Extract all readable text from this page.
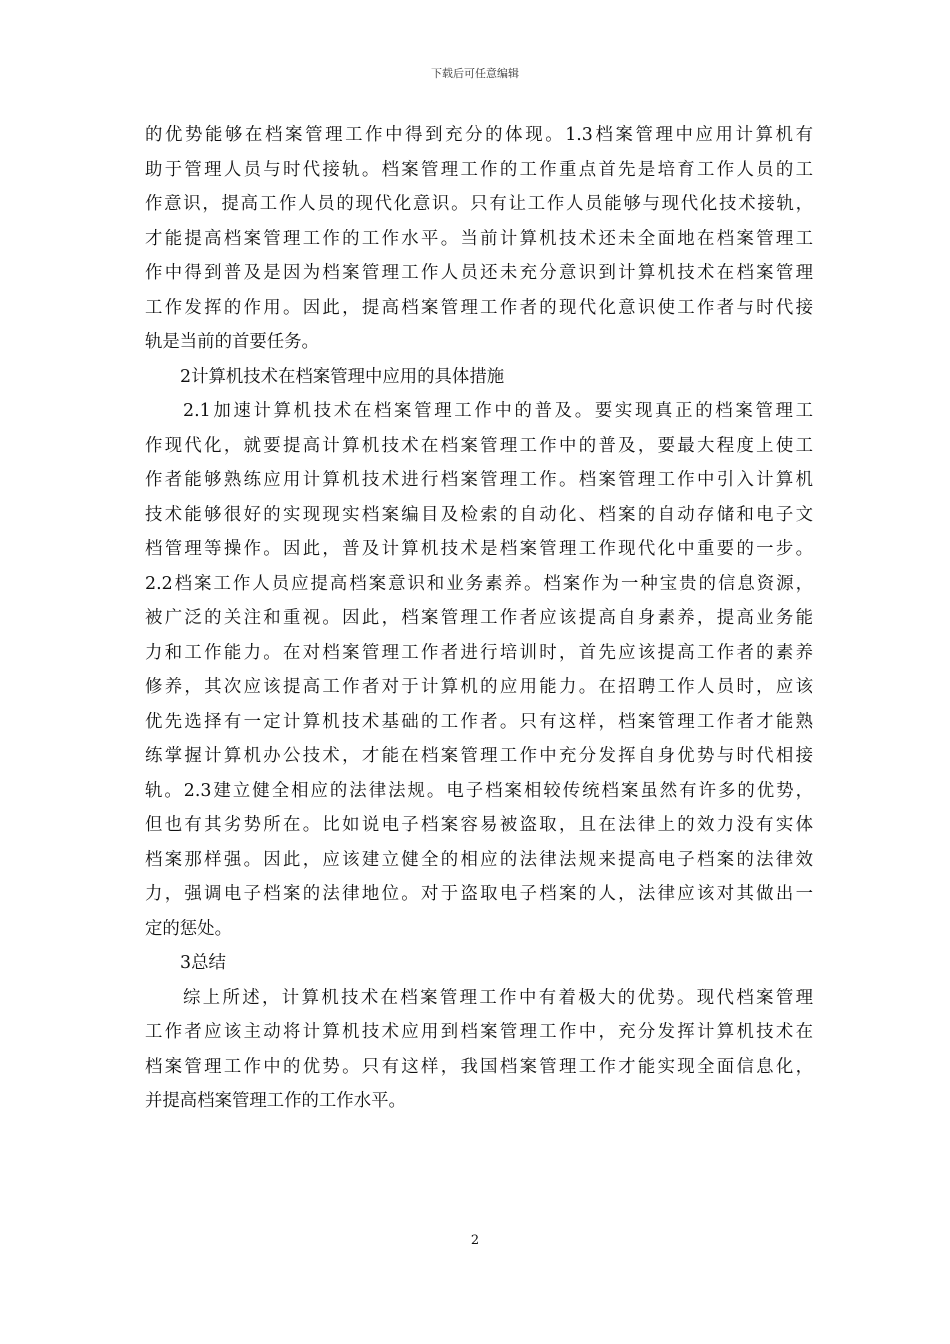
下载后可任意编辑
的优势能够在档案管理工作中得到充分的体现。1.3档案管理中应用计算机有
助于管理人员与时代接轨。档案管理工作的工作重点首先是培育工作人员的工
作意识，提高工作人员的现代化意识。只有让工作人员能够与现代化技术接轨，
才能提高档案管理工作的工作水平。当前计算机技术还未全面地在档案管理工
作中得到普及是因为档案管理工作人员还未充分意识到计算机技术在档案管理
工作发挥的作用。因此，提高档案管理工作者的现代化意识使工作者与时代接
轨是当前的首要任务。
2计算机技术在档案管理中应用的具体措施
2.1加速计算机技术在档案管理工作中的普及。要实现真正的档案管理工
作现代化，就要提高计算机技术在档案管理工作中的普及，要最大程度上使工
作者能够熟练应用计算机技术进行档案管理工作。档案管理工作中引入计算机
技术能够很好的实现现实档案编目及检索的自动化、档案的自动存储和电子文
档管理等操作。因此，普及计算机技术是档案管理工作现代化中重要的一步。
2.2档案工作人员应提高档案意识和业务素养。档案作为一种宝贵的信息资源，
被广泛的关注和重视。因此，档案管理工作者应该提高自身素养，提高业务能
力和工作能力。在对档案管理工作者进行培训时，首先应该提高工作者的素养
修养，其次应该提高工作者对于计算机的应用能力。在招聘工作人员时，应该
优先选择有一定计算机技术基础的工作者。只有这样，档案管理工作者才能熟
练掌握计算机办公技术，才能在档案管理工作中充分发挥自身优势与时代相接
轨。2.3建立健全相应的法律法规。电子档案相较传统档案虽然有许多的优势，
但也有其劣势所在。比如说电子档案容易被盗取，且在法律上的效力没有实体
档案那样强。因此，应该建立健全的相应的法律法规来提高电子档案的法律效
力，强调电子档案的法律地位。对于盗取电子档案的人，法律应该对其做出一
定的惩处。
3总结
综上所述，计算机技术在档案管理工作中有着极大的优势。现代档案管理
工作者应该主动将计算机技术应用到档案管理工作中，充分发挥计算机技术在
档案管理工作中的优势。只有这样，我国档案管理工作才能实现全面信息化，
并提高档案管理工作的工作水平。
2
